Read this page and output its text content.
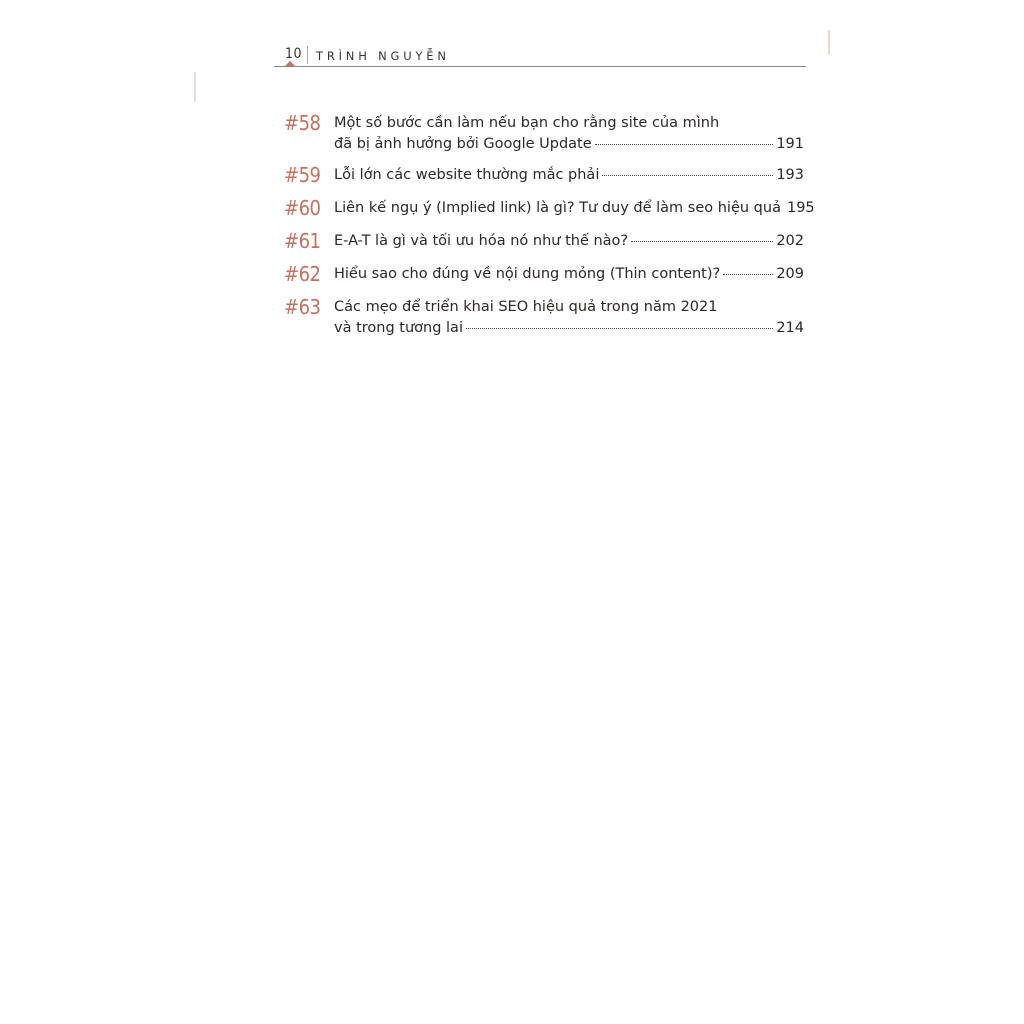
10 TRÌNH NGUYỄN
#58 Một số bước cần làm nếu bạn cho rằng site của mình
đã bị ảnh hưởng bởi Google Update	191
#59 Lỗi lớn các website thường mắc phải	193
#60 Liên kế ngụ ý (Implied link) là gì? Tư duy để làm seo hiệu quả 195
#61 E-A-T là gì và tối ưu hóa nó như thế nào?	202
#62 Hiểu sao cho đúng về nội dung mỏng (Thin content)?	209
#63 Các mẹo để triển khai SEO hiệu quả trong năm 2021
và trong tương lai	214
